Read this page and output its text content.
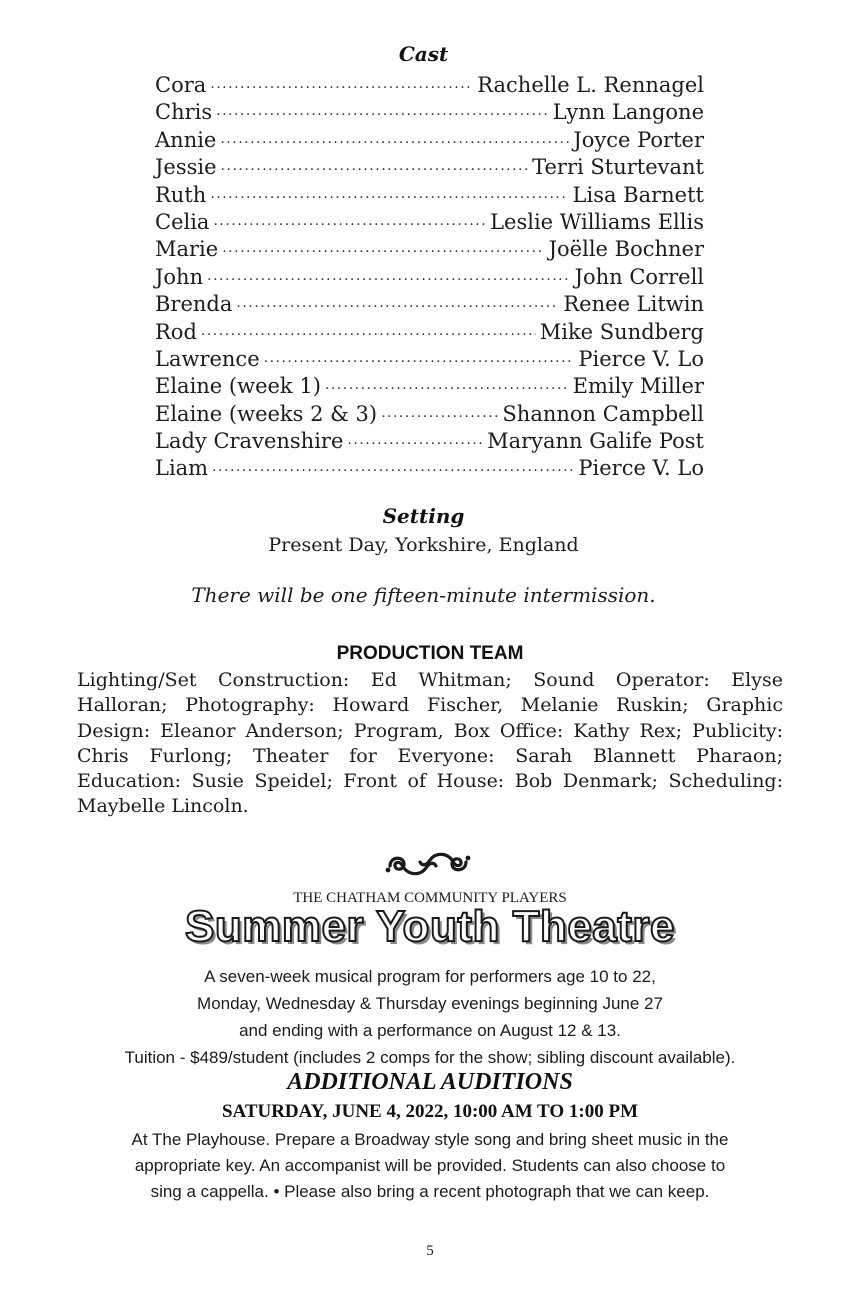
Cast
Cora .....	Rachelle L. Rennagel
Chris .....	Lynn Langone
Annie .....	Joyce Porter
Jessie .....	Terri Sturtevant
Ruth .....	Lisa Barnett
Celia .....	Leslie Williams Ellis
Marie .....	Joëlle Bochner
John .....	John Correll
Brenda .....	Renee Litwin
Rod .....	Mike Sundberg
Lawrence .....	Pierce V. Lo
Elaine (week 1) .....	Emily Miller
Elaine (weeks 2 & 3) .....	Shannon Campbell
Lady Cravenshire .....	Maryann Galife Post
Liam .....	Pierce V. Lo
Setting
Present Day, Yorkshire, England
There will be one fifteen-minute intermission.
PRODUCTION TEAM
Lighting/Set Construction: Ed Whitman; Sound Operator: Elyse Halloran; Photography: Howard Fischer, Melanie Ruskin; Graphic Design: Eleanor Anderson; Program, Box Office: Kathy Rex; Publicity: Chris Furlong; Theater for Everyone: Sarah Blannett Pharaon; Education: Susie Speidel; Front of House: Bob Denmark; Scheduling: Maybelle Lincoln.
THE CHATHAM COMMUNITY PLAYERS
Summer Youth Theatre
A seven-week musical program for performers age 10 to 22,
Monday, Wednesday & Thursday evenings beginning June 27
and ending with a performance on August 12 & 13.
Tuition - $489/student (includes 2 comps for the show; sibling discount available).
ADDITIONAL AUDITIONS
SATURDAY, JUNE 4, 2022, 10:00 AM TO 1:00 PM
At The Playhouse. Prepare a Broadway style song and bring sheet music in the
appropriate key. An accompanist will be provided. Students can also choose to
sing a cappella. • Please also bring a recent photograph that we can keep.
5
